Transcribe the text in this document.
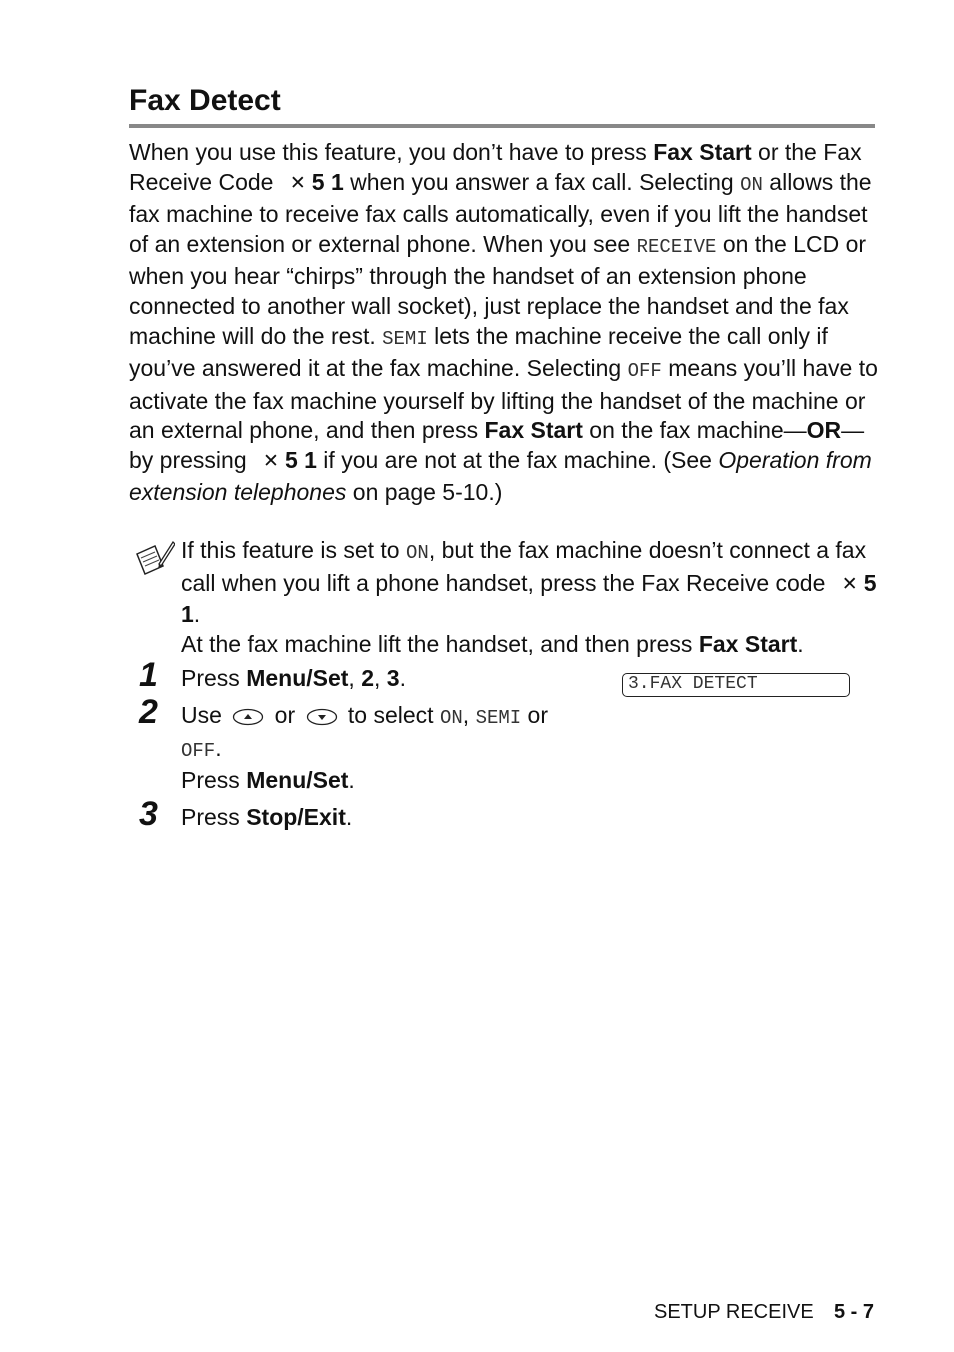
Fax Detect

When you use this feature, you don’t have to press Fax Start or the Fax Receive Code ✕ 5 1 when you answer a fax call. Selecting ON allows the fax machine to receive fax calls automatically, even if you lift the handset of an extension or external phone. When you see RECEIVE on the LCD or when you hear “chirps” through the handset of an extension phone connected to another wall socket), just replace the handset and the fax machine will do the rest. SEMI lets the machine receive the call only if you’ve answered it at the fax machine. Selecting OFF means you’ll have to activate the fax machine yourself by lifting the handset of the machine or an external phone, and then press Fax Start on the fax machine—OR—by pressing ✕ 5 1 if you are not at the fax machine. (See Operation from extension telephones on page 5-10.)

If this feature is set to ON, but the fax machine doesn’t connect a fax call when you lift a phone handset, press the Fax Receive code ✕ 5 1.
At the fax machine lift the handset, and then press Fax Start.
1 Press Menu/Set, 2, 3.	3.FAX DETECT
2 Use  or  to select ON, SEMI or
OFF.

Press Menu/Set.

3 Press Stop/Exit.

SETUP RECEIVE 5 - 7
